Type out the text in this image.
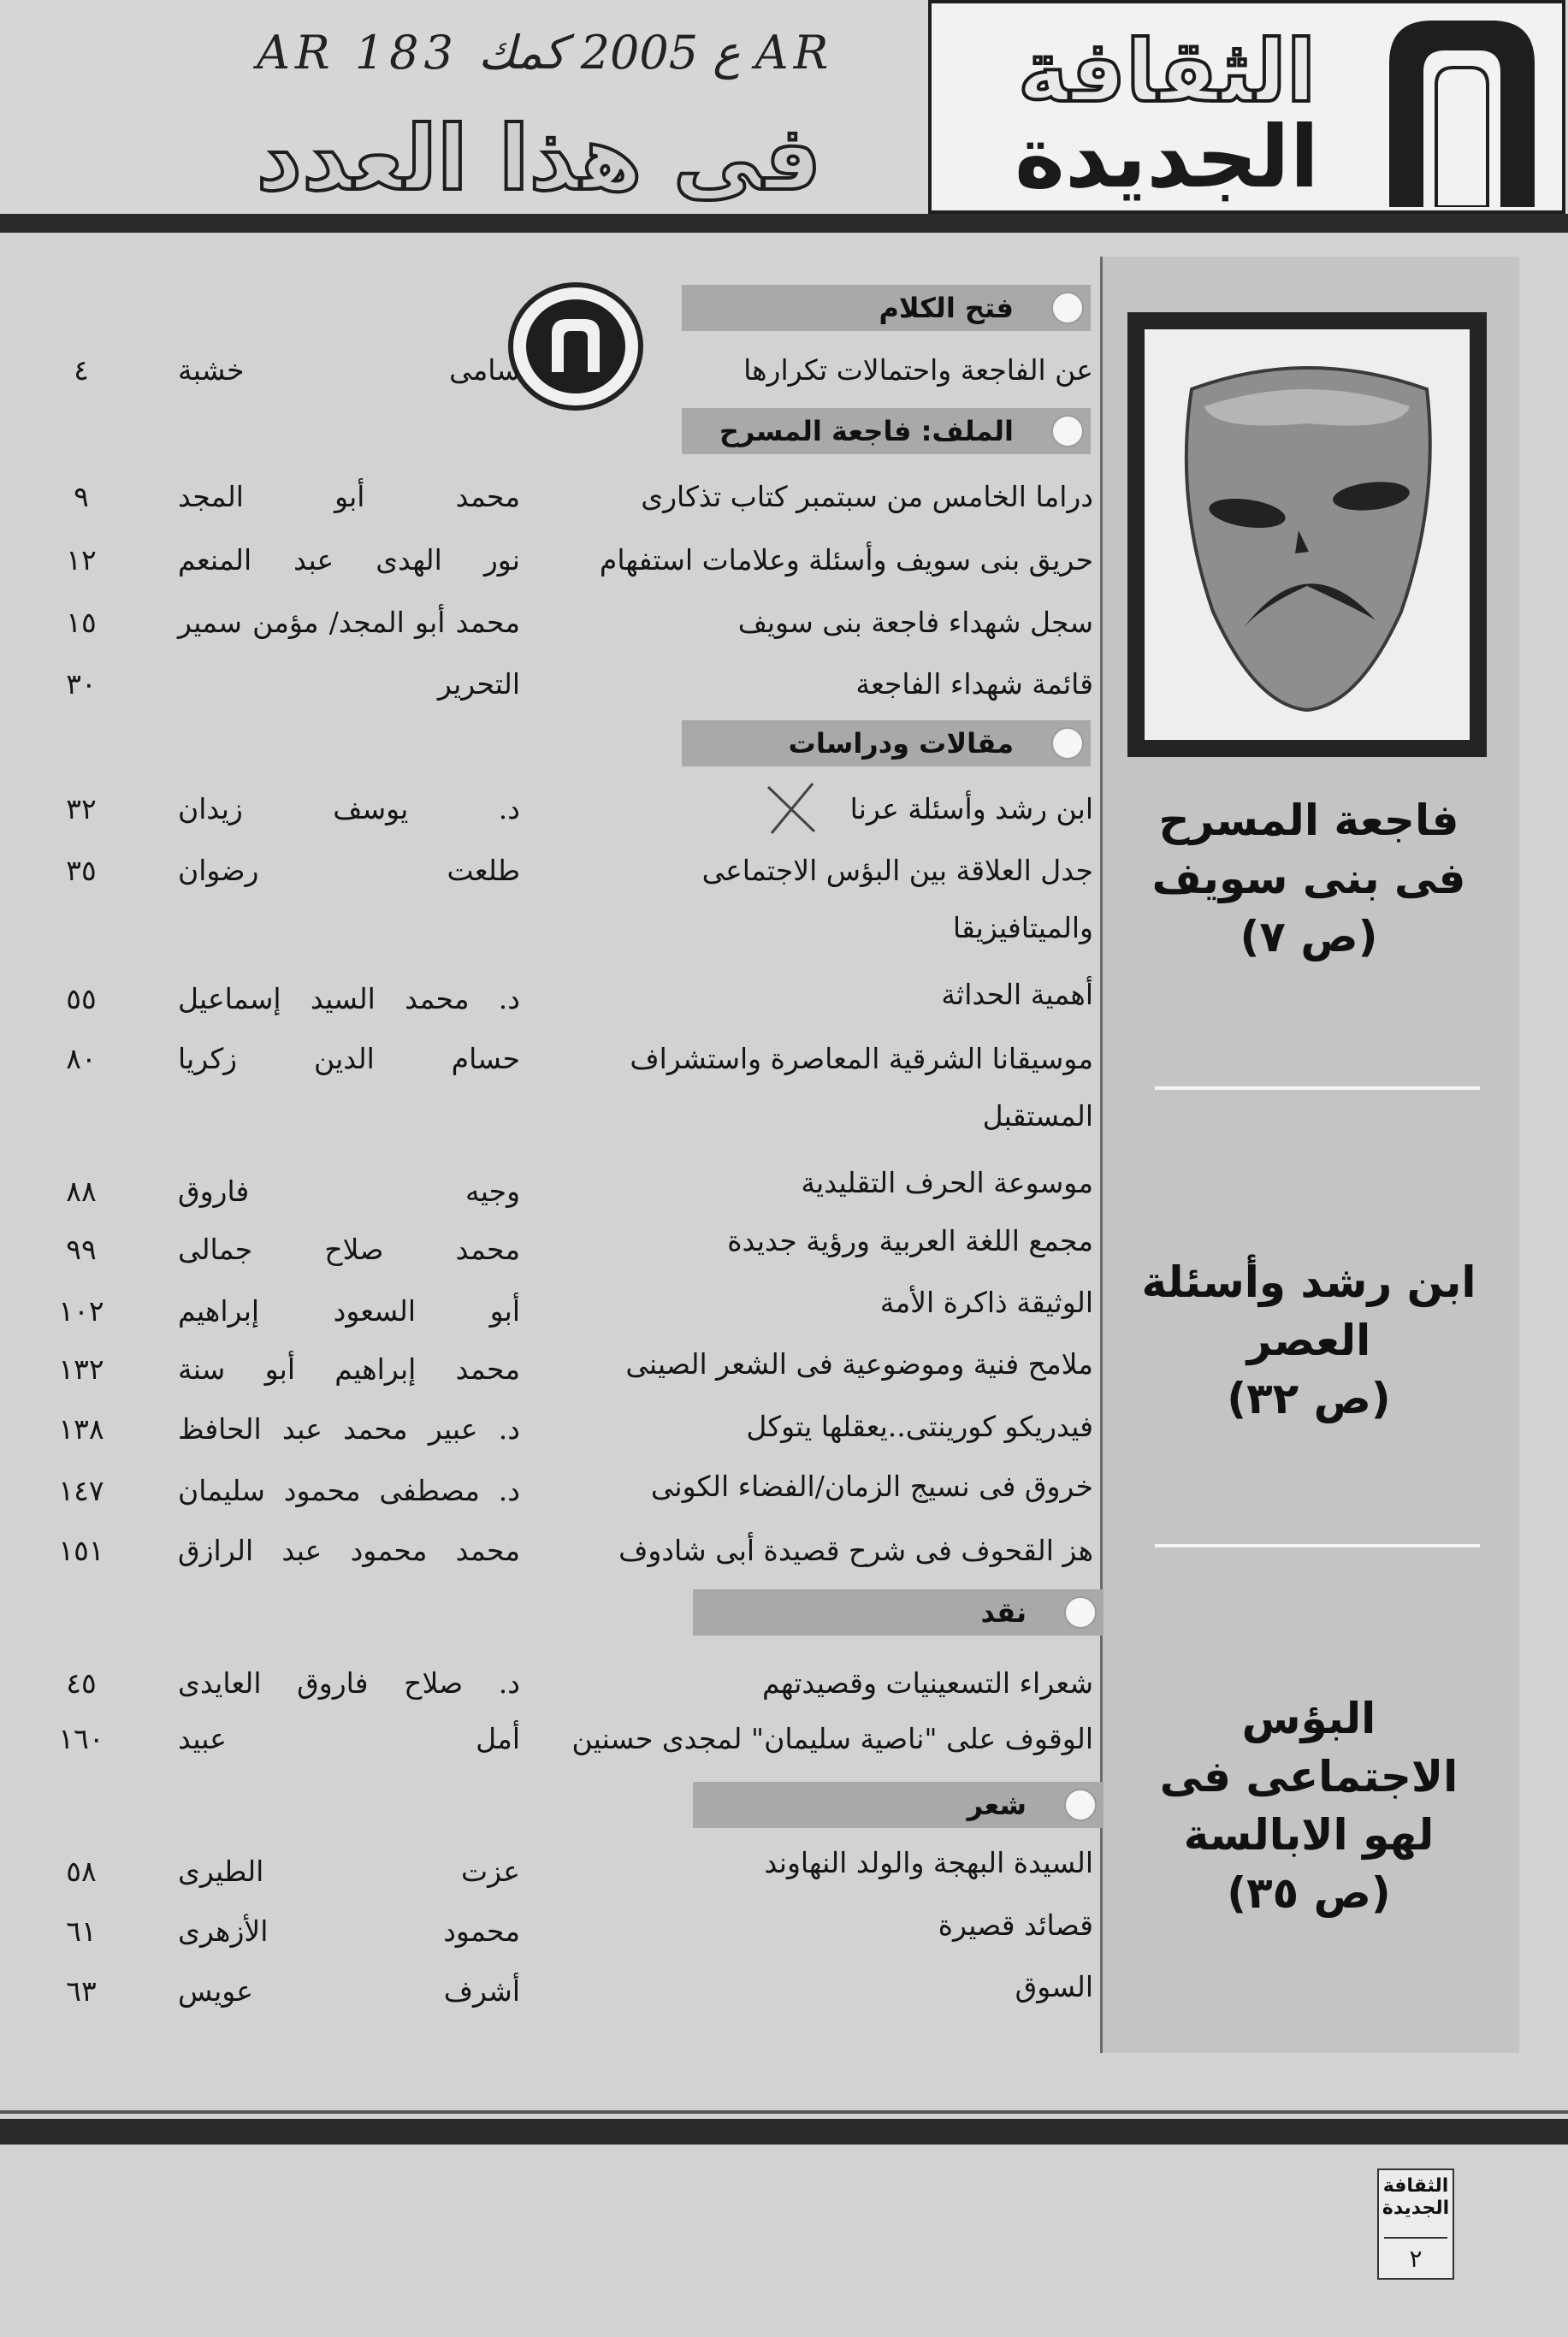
AR 183 ع 2005 كمك AR
فى هذا العدد
الثقافة
الجديدة
فاجعة المسرح
فى بنى سويف
(ص ٧)
ابن رشد وأسئلة
العصر
(ص ٣٢)
البؤس
الاجتماعى فى
لهو الابالسة
(ص ٣٥)
فتح الكلام
الملف: فاجعة المسرح
مقالات ودراسات
نقد
شعر
عن الفاجعة واحتمالات تكرارها
سامى خشبة
٤
دراما الخامس من سبتمبر كتاب تذكارى
محمد أبو المجد
٩
حريق بنى سويف وأسئلة وعلامات استفهام
نور الهدى عبد المنعم
١٢
سجل شهداء فاجعة بنى سويف
محمد أبو المجد/ مؤمن سمير
١٥
قائمة شهداء الفاجعة
التحرير
٣٠
ابن رشد وأسئلة عرنا
د. يوسف زيدان
٣٢
جدل العلاقة بين البؤس الاجتماعى
والميتافيزيقا
طلعت رضوان
٣٥
أهمية الحداثة
د. محمد السيد إسماعيل
٥٥
موسيقانا الشرقية المعاصرة واستشراف
المستقبل
حسام الدين زكريا
٨٠
موسوعة الحرف التقليدية
وجيه فاروق
٨٨
مجمع اللغة العربية ورؤية جديدة
محمد صلاح جمالى
٩٩
الوثيقة ذاكرة الأمة
أبو السعود إبراهيم
١٠٢
ملامح فنية وموضوعية فى الشعر الصينى
محمد إبراهيم أبو سنة
١٣٢
فيدريكو كورينتى..يعقلها يتوكل
د. عبير محمد عبد الحافظ
١٣٨
خروق فى نسيج الزمان/الفضاء الكونى
د. مصطفى محمود سليمان
١٤٧
هز القحوف فى شرح قصيدة أبى شادوف
محمد محمود عبد الرازق
١٥١
شعراء التسعينيات وقصيدتهم
د. صلاح فاروق العايدى
٤٥
الوقوف على "ناصية سليمان" لمجدى حسنين
أمل عبيد
١٦٠
السيدة البهجة والولد النهاوند
عزت الطيرى
٥٨
قصائد قصيرة
محمود الأزهرى
٦١
السوق
أشرف عويس
٦٣
الثقافة الجديدة
٢
